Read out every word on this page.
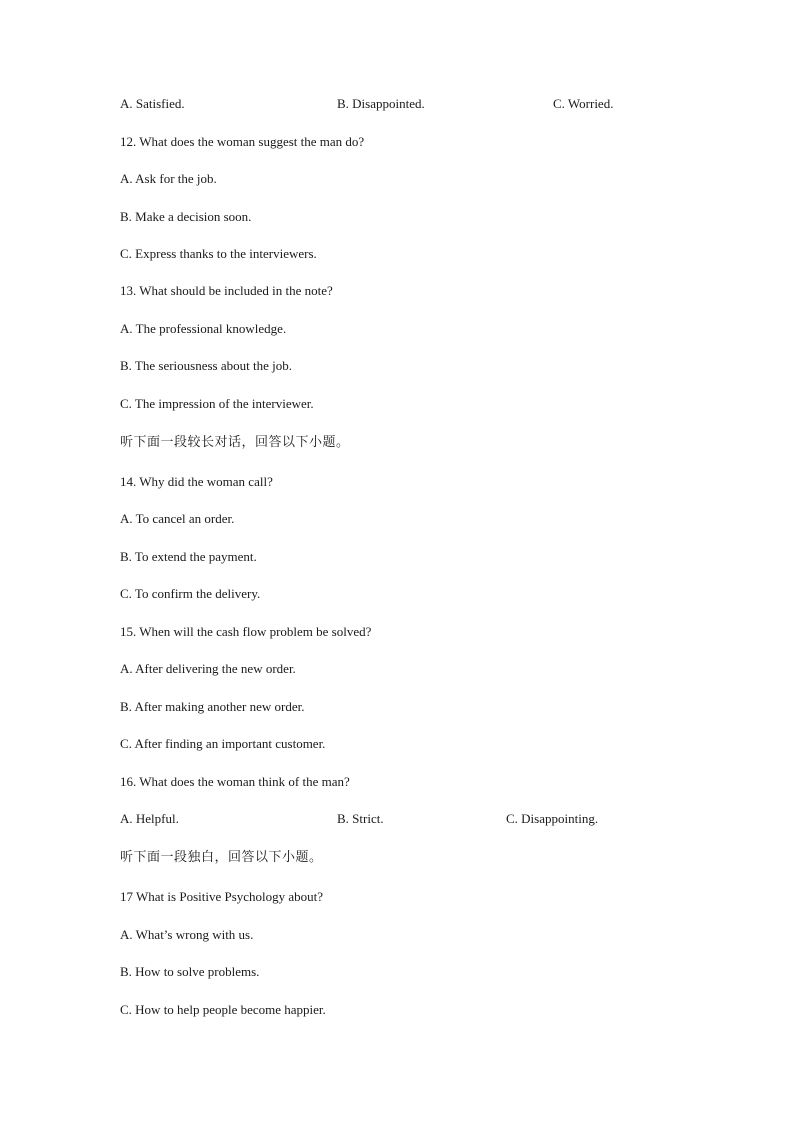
A. Satisfied.	B. Disappointed.	C. Worried.
12. What does the woman suggest the man do?
A. Ask for the job.
B. Make a decision soon.
C. Express thanks to the interviewers.
13. What should be included in the note?
A. The professional knowledge.
B. The seriousness about the job.
C. The impression of the interviewer.
听下面一段较长对话，回答以下小题。
14. Why did the woman call?
A. To cancel an order.
B. To extend the payment.
C. To confirm the delivery.
15. When will the cash flow problem be solved?
A. After delivering the new order.
B. After making another new order.
C. After finding an important customer.
16. What does the woman think of the man?
A. Helpful.	B. Strict.	C. Disappointing.
听下面一段独白，回答以下小题。
17 What is Positive Psychology about?
A. What’s wrong with us.
B. How to solve problems.
C. How to help people become happier.
